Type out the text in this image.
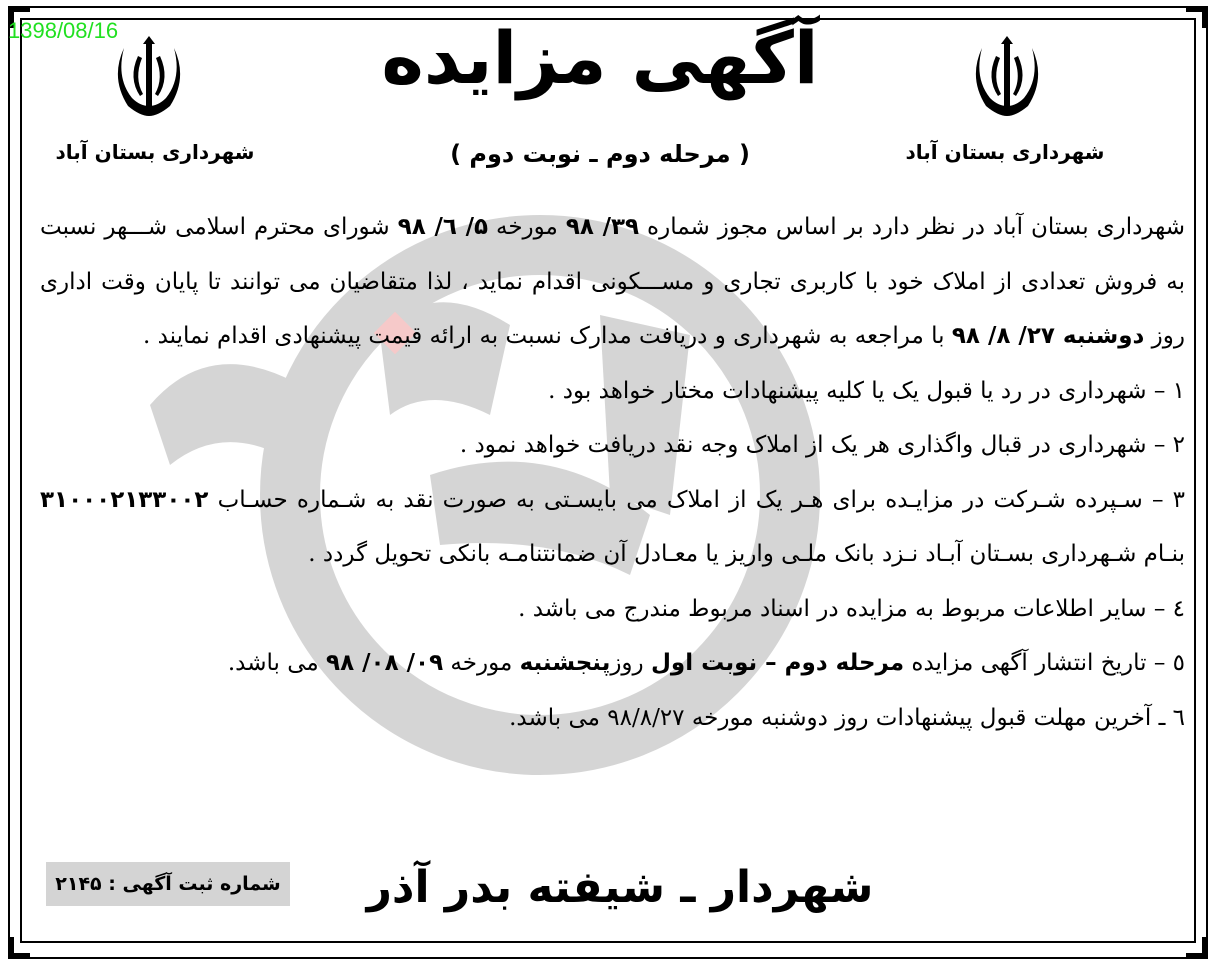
1398/08/16	آگهی مزایده
( مرحله دوم ـ نوبت دوم )
شهرداری بستان آباد	شهرداری بستان آباد

شهرداری بستان آباد در نظر دارد بر اساس مجوز شماره ۳۹/ ۹۸ مورخه ۵/ ٦/ ۹۸ شورای محترم اسلامی شـــهر نسبت به فروش تعدادی از املاک خود با کاربری تجاری و مســـکونی اقدام نماید ، لذا متقاضیان می توانند تا پایان وقت اداری روز دوشنبه ۲۷/ ۸/ ۹۸ با مراجعه به شهرداری و دریافت مدارک نسبت به ارائه قیمت پیشنهادی اقدام نمایند .

۱ – شهرداری در رد یا قبول یک یا کلیه پیشنهادات مختار خواهد بود .

۲ – شهرداری در قبال واگذاری هر یک از املاک وجه نقد دریافت خواهد نمود .

۳ – سـپرده شـرکت در مزایـده برای هـر یک از املاک می بایسـتی به صورت نقد به شـماره حسـاب ۳۱۰۰۰۲۱۳۳۰۰۲ بنـام شـهرداری بسـتان آبـاد نـزد بانک ملـی واریز یا معـادل آن ضمانتنامـه بانکی تحویل گردد .

٤ – سایر اطلاعات مربوط به مزایده در اسناد مربوط مندرج می باشد .

٥ – تاریخ انتشار آگهی مزایده مرحله دوم – نوبت اول روزپنجشنبه مورخه ۰۹/ ۰۸/ ۹۸ می باشد.

٦ ـ آخرین مهلت قبول پیشنهادات روز دوشنبه مورخه ۹۸/۸/۲۷ می باشد.

شماره ثبت آگهی : ۲۱۴۵ شهردار ـ شیفته بدر آذر
